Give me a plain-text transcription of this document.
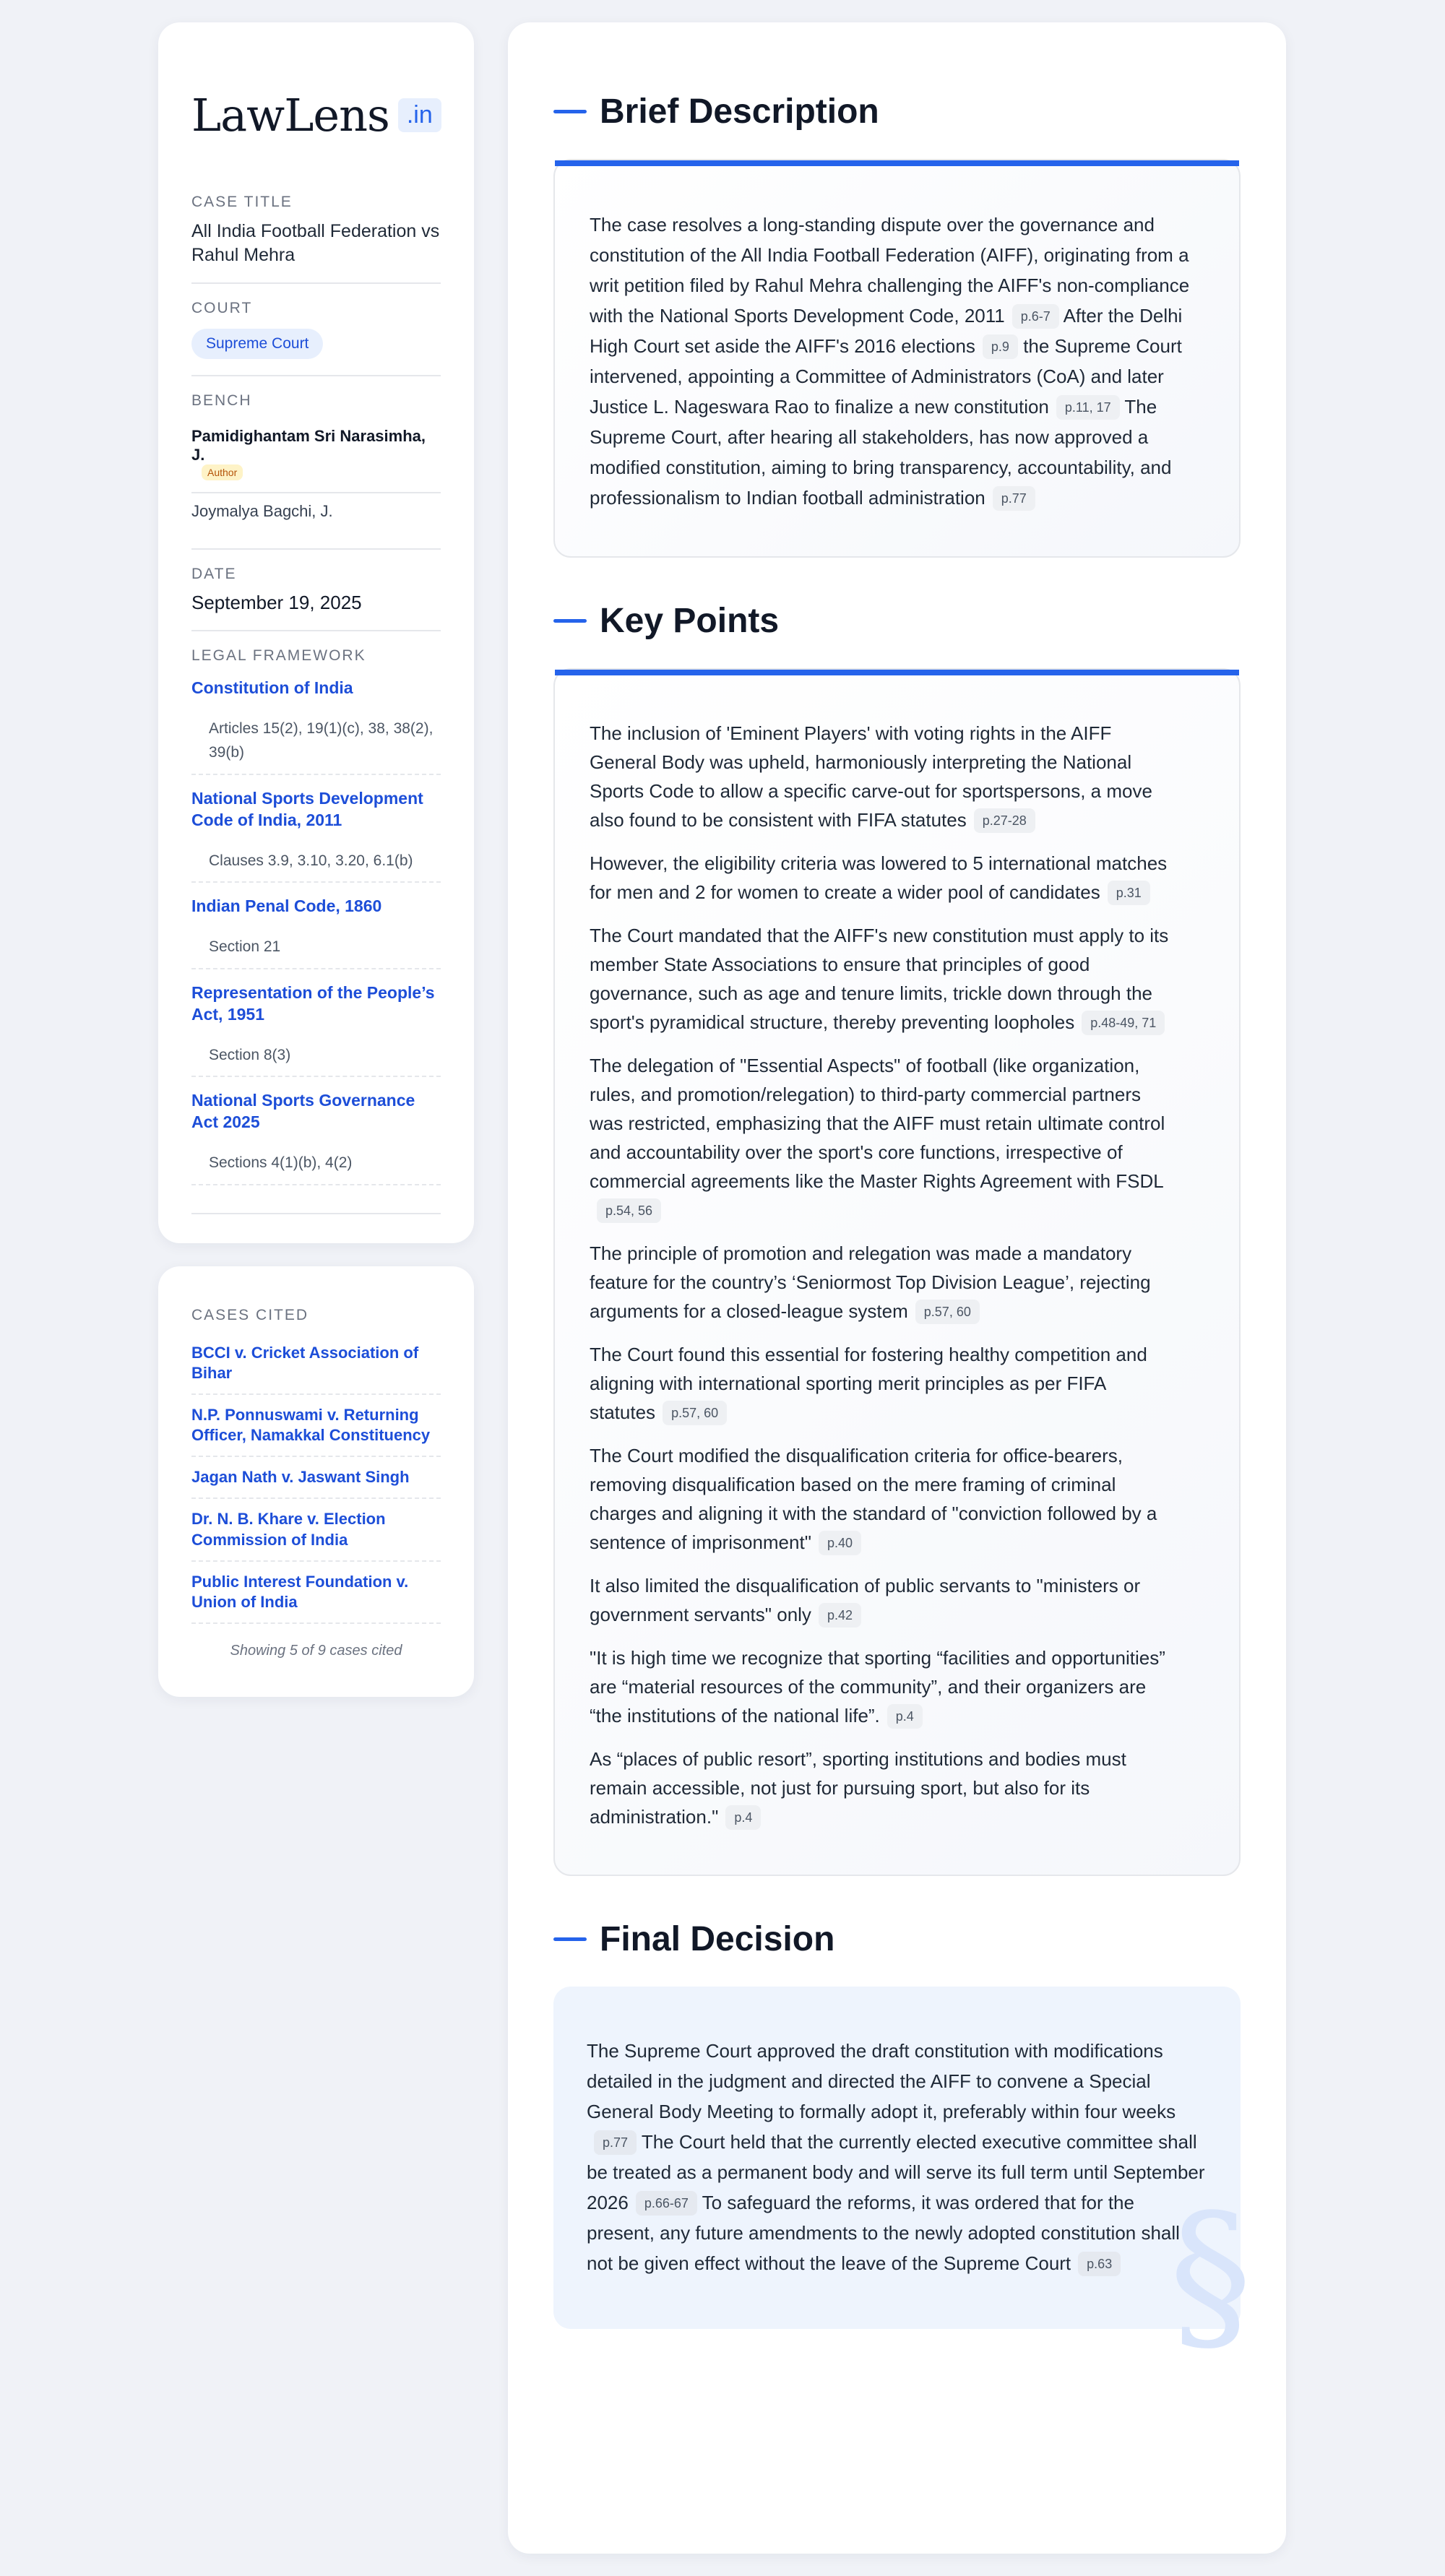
LawLens .in
CASE TITLE
All India Football Federation vs Rahul Mehra
COURT
Supreme Court
BENCH
Pamidighantam Sri Narasimha, J.
Author
Joymalya Bagchi, J.
DATE
September 19, 2025
LEGAL FRAMEWORK
Constitution of India
Articles 15(2), 19(1)(c), 38, 38(2), 39(b)
National Sports Development Code of India, 2011
Clauses 3.9, 3.10, 3.20, 6.1(b)
Indian Penal Code, 1860
Section 21
Representation of the People’s Act, 1951
Section 8(3)
National Sports Governance Act 2025
Sections 4(1)(b), 4(2)
CASES CITED
BCCI v. Cricket Association of Bihar
N.P. Ponnuswami v. Returning Officer, Namakkal Constituency
Jagan Nath v. Jaswant Singh
Dr. N. B. Khare v. Election Commission of India
Public Interest Foundation v. Union of India
Showing 5 of 9 cases cited
Brief Description
The case resolves a long-standing dispute over the governance and constitution of the All India Football Federation (AIFF), originating from a writ petition filed by Rahul Mehra challenging the AIFF's non-compliance with the National Sports Development Code, 2011 p.6-7 After the Delhi High Court set aside the AIFF's 2016 elections p.9 the Supreme Court intervened, appointing a Committee of Administrators (CoA) and later Justice L. Nageswara Rao to finalize a new constitution p.11, 17 The Supreme Court, after hearing all stakeholders, has now approved a modified constitution, aiming to bring transparency, accountability, and professionalism to Indian football administration p.77
Key Points
The inclusion of 'Eminent Players' with voting rights in the AIFF General Body was upheld, harmoniously interpreting the National Sports Code to allow a specific carve-out for sportspersons, a move also found to be consistent with FIFA statutes p.27-28
However, the eligibility criteria was lowered to 5 international matches for men and 2 for women to create a wider pool of candidates p.31
The Court mandated that the AIFF's new constitution must apply to its member State Associations to ensure that principles of good governance, such as age and tenure limits, trickle down through the sport's pyramidical structure, thereby preventing loopholes p.48-49, 71
The delegation of "Essential Aspects" of football (like organization, rules, and promotion/relegation) to third-party commercial partners was restricted, emphasizing that the AIFF must retain ultimate control and accountability over the sport's core functions, irrespective of commercial agreements like the Master Rights Agreement with FSDLp.54, 56
The principle of promotion and relegation was made a mandatory feature for the country’s ‘Seniormost Top Division League’, rejecting arguments for a closed-league system p.57, 60
The Court found this essential for fostering healthy competition and aligning with international sporting merit principles as per FIFA statutes p.57, 60
The Court modified the disqualification criteria for office-bearers, removing disqualification based on the mere framing of criminal charges and aligning it with the standard of "conviction followed by a sentence of imprisonment" p.40
It also limited the disqualification of public servants to "ministers or government servants" only p.42
"It is high time we recognize that sporting “facilities and opportunities” are “material resources of the community”, and their organizers are “the institutions of the national life”. p.4
As “places of public resort”, sporting institutions and bodies must remain accessible, not just for pursuing sport, but also for its administration." p.4
Final Decision
§
The Supreme Court approved the draft constitution with modifications detailed in the judgment and directed the AIFF to convene a Special General Body Meeting to formally adopt it, preferably within four weeksp.77 The Court held that the currently elected executive committee shall be treated as a permanent body and will serve its full term until September 2026 p.66-67 To safeguard the reforms, it was ordered that for the present, any future amendments to the newly adopted constitution shall not be given effect without the leave of the Supreme Court p.63
